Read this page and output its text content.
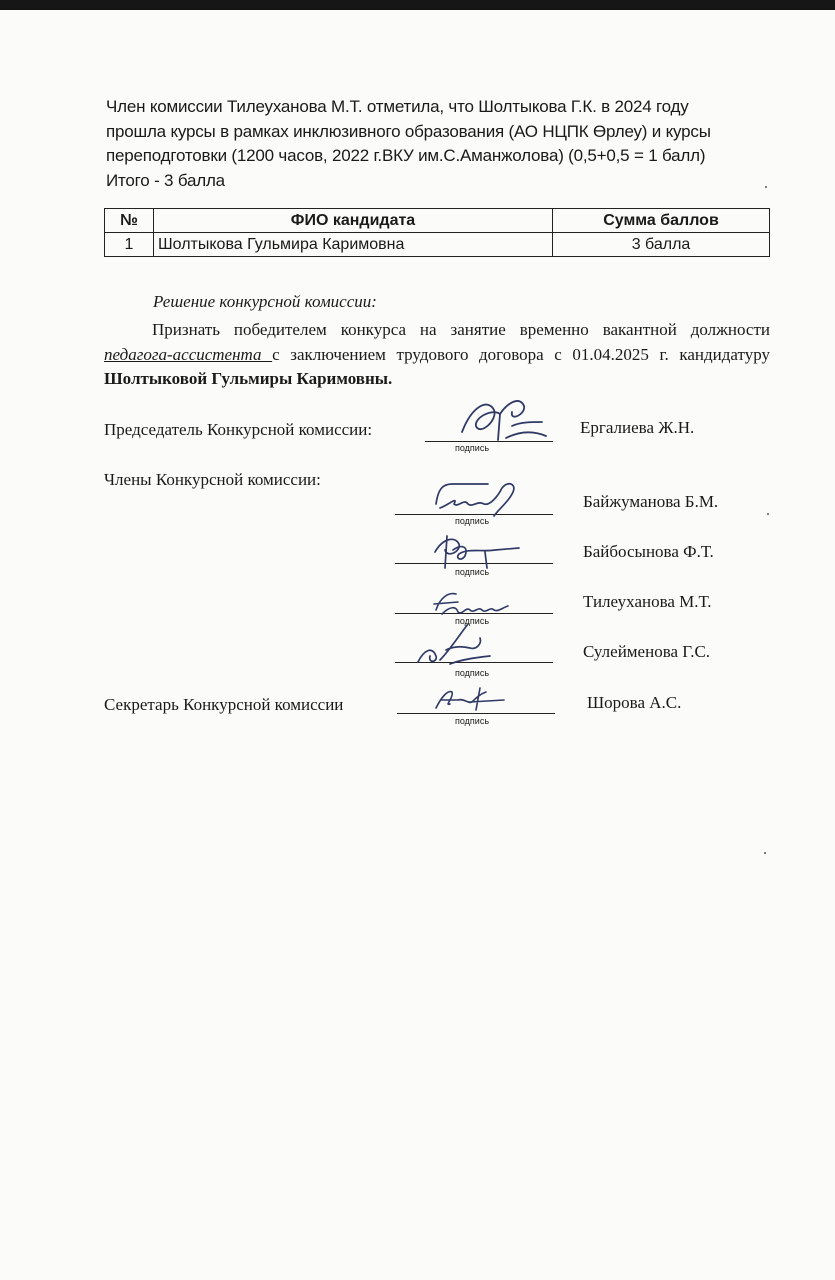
Член комиссии Тилеуханова М.Т. отметила, что Шолтыкова Г.К. в 2024 году
прошла курсы в рамках инклюзивного образования (АО НЦПК Өрлеу) и курсы
переподготовки (1200 часов, 2022 г.ВКУ им.С.Аманжолова) (0,5+0,5 = 1 балл)
Итого - 3 балла
№	ФИО кандидата	Сумма баллов
1	Шолтыкова Гульмира Каримовна	3 балла
Решение конкурсной комиссии:
Признать победителем конкурса на занятие временно вакантной должности педагога-ассистента с заключением трудового договора с 01.04.2025 г. кандидатуру Шолтыковой Гульмиры Каримовны.
Председатель Конкурсной комиссии:
подпись
Ергалиева Ж.Н.
Члены Конкурсной комиссии:
подпись
Байжуманова Б.М.
подпись
Байбосынова Ф.Т.
подпись
Тилеуханова М.Т.
подпись
Сулейменова Г.С.
Секретарь Конкурсной комиссии
подпись
Шорова А.С.
